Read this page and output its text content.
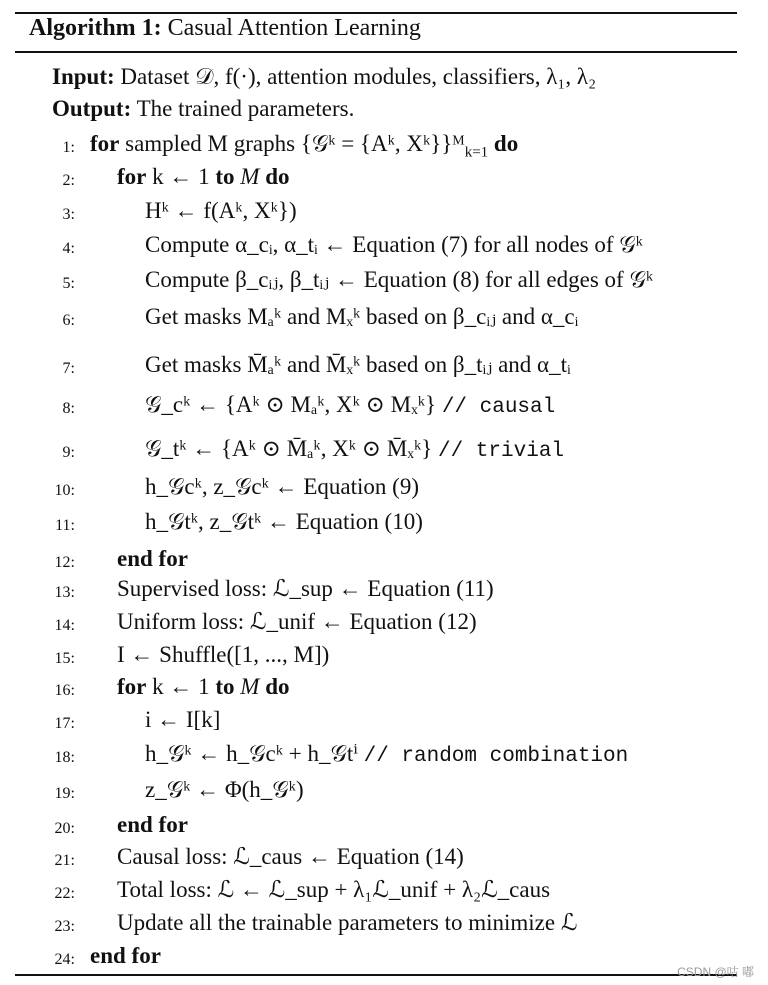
Algorithm 1: Casual Attention Learning
Input: Dataset 𝒟, f(·), attention modules, classifiers, λ₁, λ₂
Output: The trained parameters.
1: for sampled M graphs {𝒢ᵏ = {Aᵏ, Xᵏ}}ᴹ$_{k=1}$ do
2: for k ← 1 to M do
3:	Hᵏ ← f(Aᵏ, Xᵏ})
4:	Compute α_cᵢ, α_tᵢ ← Equation (7) for all nodes of 𝒢ᵏ
5:	Compute β_cᵢⱼ, β_tᵢⱼ ← Equation (8) for all edges of 𝒢ᵏ
6:	Get masks Mₐᵏ and Mₓᵏ based on β_cᵢⱼ and α_cᵢ
7:	Get masks M̄ₐᵏ and M̄ₓᵏ based on β_tᵢⱼ and α_tᵢ
8:	𝒢_cᵏ ← {Aᵏ ⊙ Mₐᵏ, Xᵏ ⊙ Mₓᵏ} // causal
9:	𝒢_tᵏ ← {Aᵏ ⊙ M̄ₐᵏ, Xᵏ ⊙ M̄ₓᵏ} // trivial
10:	h_𝒢cᵏ, z_𝒢cᵏ ← Equation (9)
11:	h_𝒢tᵏ, z_𝒢tᵏ ← Equation (10)
12: end for
13: Supervised loss: ℒ_sup ← Equation (11)
14: Uniform loss: ℒ_unif ← Equation (12)
15: I ← Shuffle([1, ..., M])
16: for k ← 1 to M do
17:	i ← I[k]
18:	h_𝒢ᵏ ← h_𝒢cᵏ + h_𝒢tⁱ // random combination
19:	z_𝒢ᵏ ← Φ(h_𝒢ᵏ)
20: end for
21: Causal loss: ℒ_caus ← Equation (14)
22: Total loss: ℒ ← ℒ_sup + λ₁ℒ_unif + λ₂ℒ_caus
23: Update all the trainable parameters to minimize ℒ
24: end for
CSDN @咕 嘟
